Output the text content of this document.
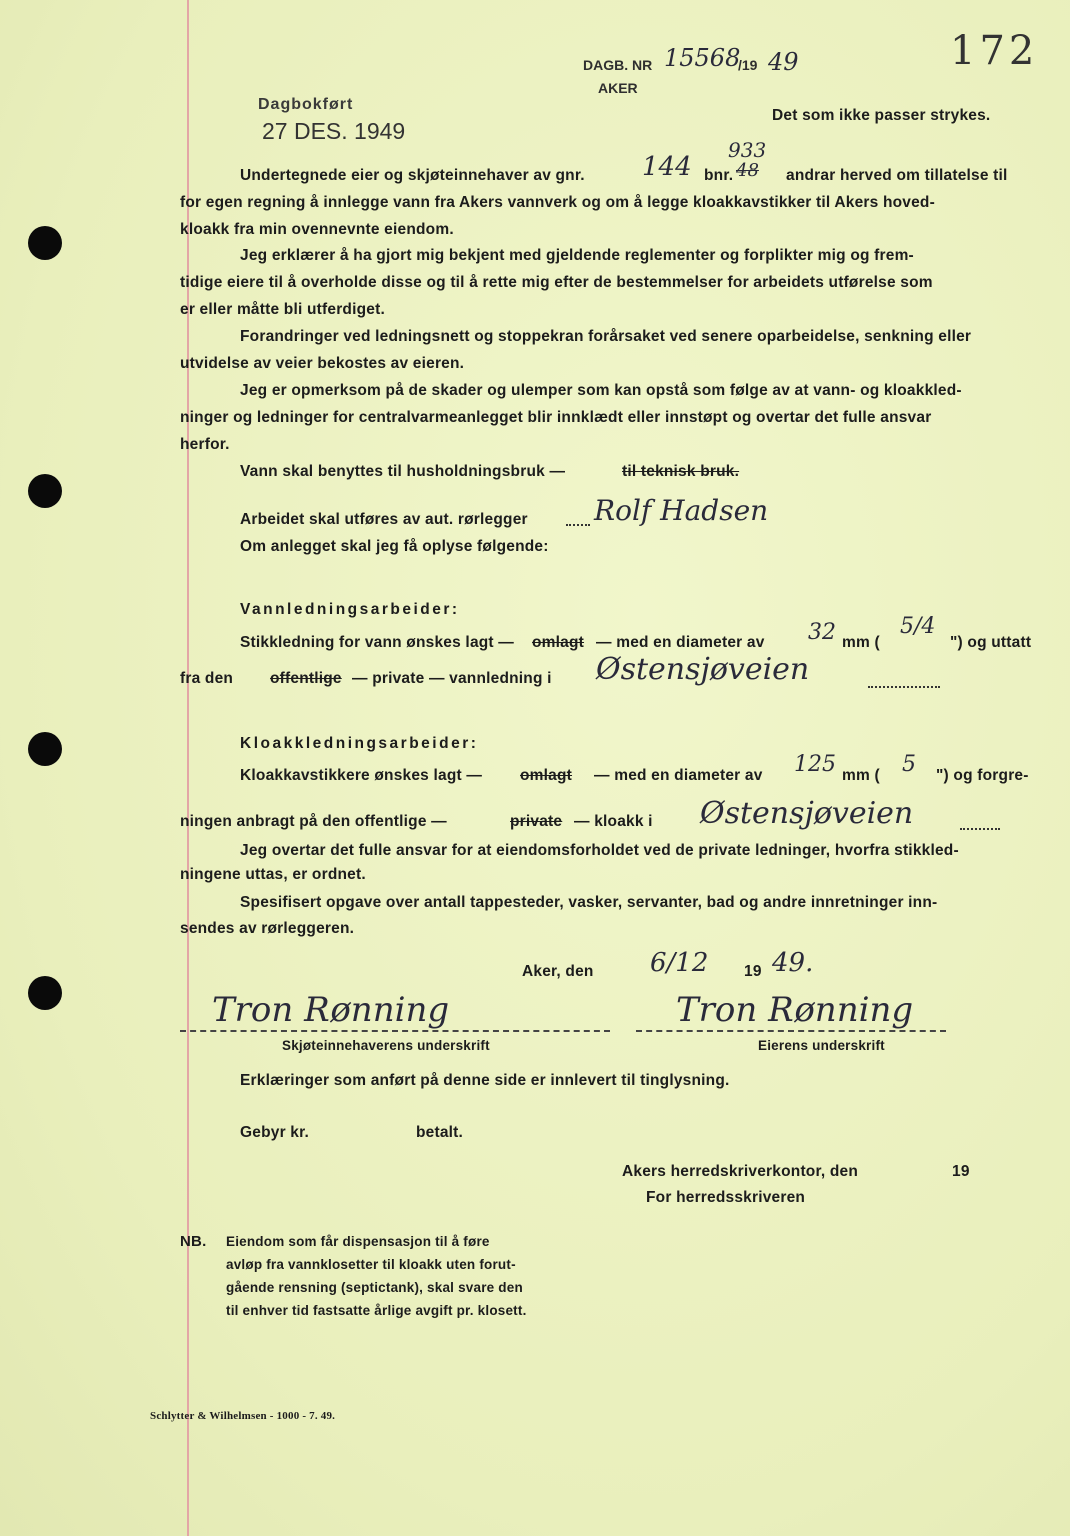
172
DAGB. NR 15568
/19 49
AKER
Dagbokført
27 DES. 1949
Det som ikke passer strykes.
Undertegnede eier og skjøteinnehaver av gnr. 144 bnr.
933
48 andrar herved om tillatelse til
for egen regning å innlegge vann fra Akers vannverk og om å legge kloakkavstikker til Akers hoved-
kloakk fra min ovennevnte eiendom.
Jeg erklærer å ha gjort mig bekjent med gjeldende reglementer og forplikter mig og frem-
tidige eiere til å overholde disse og til å rette mig efter de bestemmelser for arbeidets utførelse som
er eller måtte bli utferdiget.
Forandringer ved ledningsnett og stoppekran forårsaket ved senere oparbeidelse, senkning eller
utvidelse av veier bekostes av eieren.
Jeg er opmerksom på de skader og ulemper som kan opstå som følge av at vann- og kloakkled-
ninger og ledninger for centralvarmeanlegget blir innklædt eller innstøpt og overtar det fulle ansvar
herfor.
Vann skal benyttes til husholdningsbruk —	til teknisk bruk.
Arbeidet skal utføres av aut. rørlegger Rolf Hadsen
Om anlegget skal jeg få oplyse følgende:
Vannledningsarbeider:
Stikkledning for vann ønskes lagt — omlagt — med en diameter av 32 mm (
5/4
") og uttatt
fra den offentlige — private — vannledning i Østensjøveien
Kloakkledningsarbeider:
Kloakkavstikkere ønskes lagt — omlagt — med en diameter av 125 mm ( 5 ") og forgre-
ningen anbragt på den offentlige —	private — kloakk i Østensjøveien
Jeg overtar det fulle ansvar for at eiendomsforholdet ved de private ledninger, hvorfra stikkled-
ningene uttas, er ordnet.
Spesifisert opgave over antall tappesteder, vasker, servanter, bad og andre innretninger inn-
sendes av rørleggeren.
Aker, den 6/12 19 49.
Tron Rønning
Skjøteinnehaverens underskrift
Tron Rønning
Eierens underskrift
Erklæringer som anført på denne side er innlevert til tinglysning.
Gebyr kr.	betalt.
Akers herredskriverkontor, den	19
For herredsskriveren
NB. Eiendom som får dispensasjon til å føre
avløp fra vannklosetter til kloakk uten forut-
gående rensning (septictank), skal svare den
til enhver tid fastsatte årlige avgift pr. klosett.
Schlytter & Wilhelmsen - 1000 - 7. 49.
